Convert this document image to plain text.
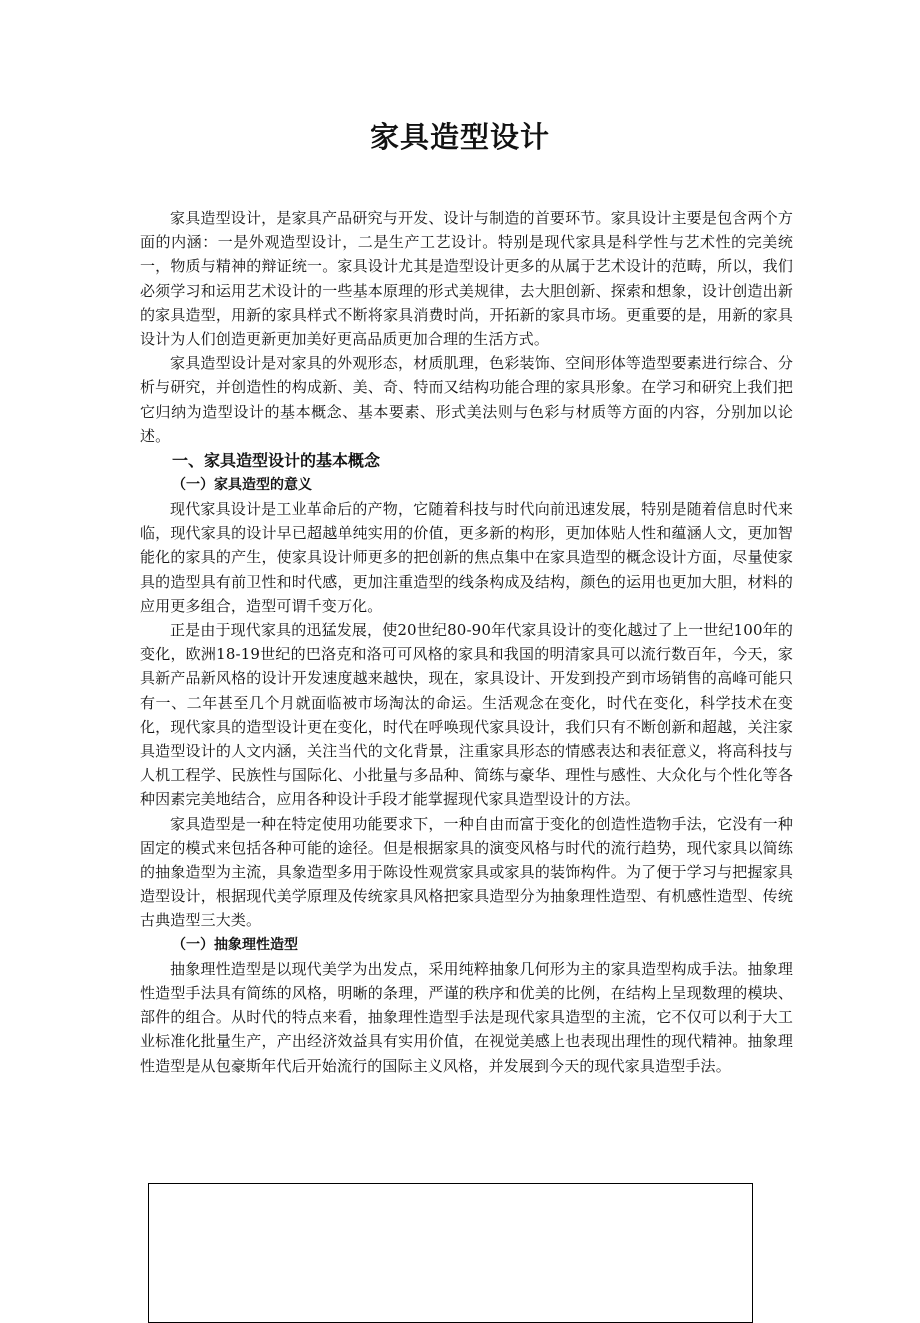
家具造型设计

家具造型设计，是家具产品研究与开发、设计与制造的首要环节。家具设计主要是包含两个方面的内涵：一是外观造型设计，二是生产工艺设计。特别是现代家具是科学性与艺术性的完美统一，物质与精神的辩证统一。家具设计尤其是造型设计更多的从属于艺术设计的范畴，所以，我们必须学习和运用艺术设计的一些基本原理的形式美规律，去大胆创新、探索和想象，设计创造出新的家具造型，用新的家具样式不断将家具消费时尚，开拓新的家具市场。更重要的是，用新的家具设计为人们创造更新更加美好更高品质更加合理的生活方式。

家具造型设计是对家具的外观形态，材质肌理，色彩装饰、空间形体等造型要素进行综合、分析与研究，并创造性的构成新、美、奇、特而又结构功能合理的家具形象。在学习和研究上我们把它归纳为造型设计的基本概念、基本要素、形式美法则与色彩与材质等方面的内容，分别加以论述。

一、家具造型设计的基本概念

（一）家具造型的意义

现代家具设计是工业革命后的产物，它随着科技与时代向前迅速发展，特别是随着信息时代来临，现代家具的设计早已超越单纯实用的价值，更多新的构形，更加体贴人性和蕴涵人文，更加智能化的家具的产生，使家具设计师更多的把创新的焦点集中在家具造型的概念设计方面，尽量使家具的造型具有前卫性和时代感，更加注重造型的线条构成及结构，颜色的运用也更加大胆，材料的应用更多组合，造型可谓千变万化。

正是由于现代家具的迅猛发展，使20世纪80-90年代家具设计的变化越过了上一世纪100年的变化，欧洲18-19世纪的巴洛克和洛可可风格的家具和我国的明清家具可以流行数百年，今天，家具新产品新风格的设计开发速度越来越快，现在，家具设计、开发到投产到市场销售的高峰可能只有一、二年甚至几个月就面临被市场淘汰的命运。生活观念在变化，时代在变化，科学技术在变化，现代家具的造型设计更在变化，时代在呼唤现代家具设计，我们只有不断创新和超越，关注家具造型设计的人文内涵，关注当代的文化背景，注重家具形态的情感表达和表征意义，将高科技与人机工程学、民族性与国际化、小批量与多品种、简练与豪华、理性与感性、大众化与个性化等各种因素完美地结合，应用各种设计手段才能掌握现代家具造型设计的方法。

家具造型是一种在特定使用功能要求下，一种自由而富于变化的创造性造物手法，它没有一种固定的模式来包括各种可能的途径。但是根据家具的演变风格与时代的流行趋势，现代家具以简练的抽象造型为主流，具象造型多用于陈设性观赏家具或家具的装饰构件。为了便于学习与把握家具造型设计，根据现代美学原理及传统家具风格把家具造型分为抽象理性造型、有机感性造型、传统古典造型三大类。

（一）抽象理性造型

抽象理性造型是以现代美学为出发点，采用纯粹抽象几何形为主的家具造型构成手法。抽象理性造型手法具有简练的风格，明晰的条理，严谨的秩序和优美的比例，在结构上呈现数理的模块、部件的组合。从时代的特点来看，抽象理性造型手法是现代家具造型的主流，它不仅可以利于大工业标准化批量生产，产出经济效益具有实用价值，在视觉美感上也表现出理性的现代精神。抽象理性造型是从包豪斯年代后开始流行的国际主义风格，并发展到今天的现代家具造型手法。
